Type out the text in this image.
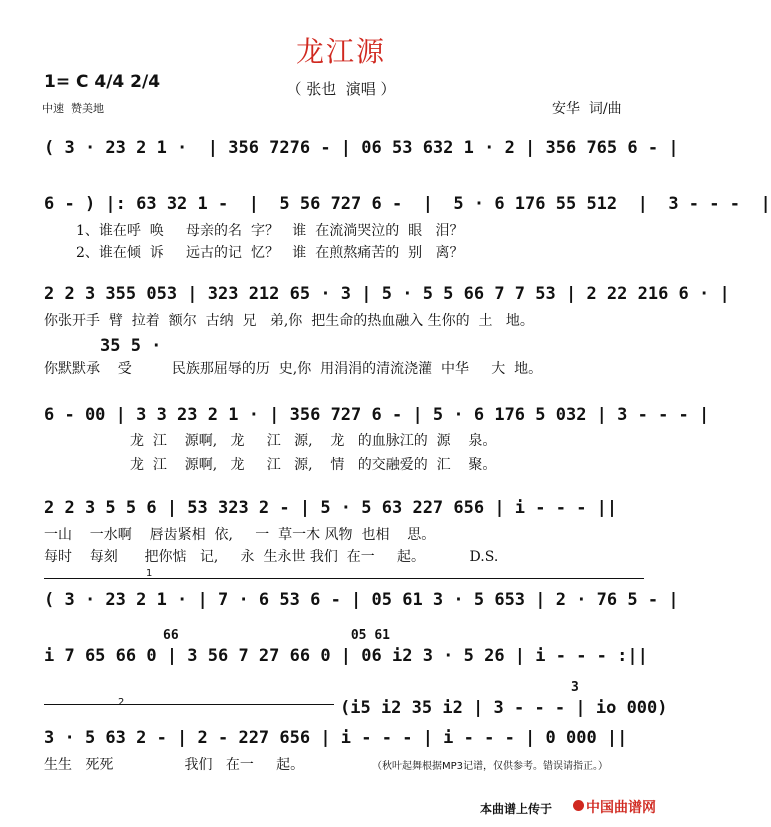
龙江源
（ 张也  演唱 ）
1= C 4/4 2/4
中速  赞美地	安华  词/曲
( 3 · 23 2 1 ·  | 356 7276 - | 06 53 632 1 · 2 | 356 765 6 - |
6 - ) |: 63 32 1 -  |  5 56 727 6 -  |  5 · 6 176 55 512  |  3 - - -  |
1、谁在呼  唤     母亲的名  字？   谁  在流淌哭泣的  眼   泪？
2、谁在倾  诉     远古的记  忆？   谁  在煎熬痛苦的  别   离？
2 2 3 355 053 | 323 212 65 · 3 | 5 · 5 5 66 7 7 53 | 2 22 216 6 · |
你张开手  臂  拉着  额尔  古纳  兄   弟,你  把生命的热血融入 生你的  土   地。
35 5 ·
你默默承    受         民族那屈辱的历  史,你  用涓涓的清流浇灌  中华     大  地。
6 - 00 | 3 3 23 2 1 · | 356 727 6 - | 5 · 6 176 5 032 | 3 - - - |
龙  江    源啊,   龙     江   源,    龙   的血脉江的  源    泉。
龙  江    源啊,   龙     江   源,    情   的交融爱的  汇    聚。
2 2 3 5 5 6 | 53 323 2 - | 5 · 5 63 227 656 | i - - - ||
一山    一水啊    唇齿紧相  依,     一  草一木 风物  也相    思。
每时    每刻      把你惦   记,     永  生永世 我们  在一     起。          D.S.
1
( 3 · 23 2 1 · | 7 · 6 53 6 - | 05 61 3 · 5 653 | 2 · 76 5 - |
66                      05 61
i 7 65 66 0 | 3 56 7 27 66 0 | 06 i2 3 · 5 26 | i - - - :||
2
3
(i5 i2 35 i2 | 3 - - - | io 000)
3 · 5 63 2 - | 2 - 227 656 | i - - - | i - - - | 0 000 ||
生生   死死                我们   在一     起。	（秋叶起舞根据MP3记谱，仅供参考。错误请指正。）
本曲谱上传于 中国曲谱网
